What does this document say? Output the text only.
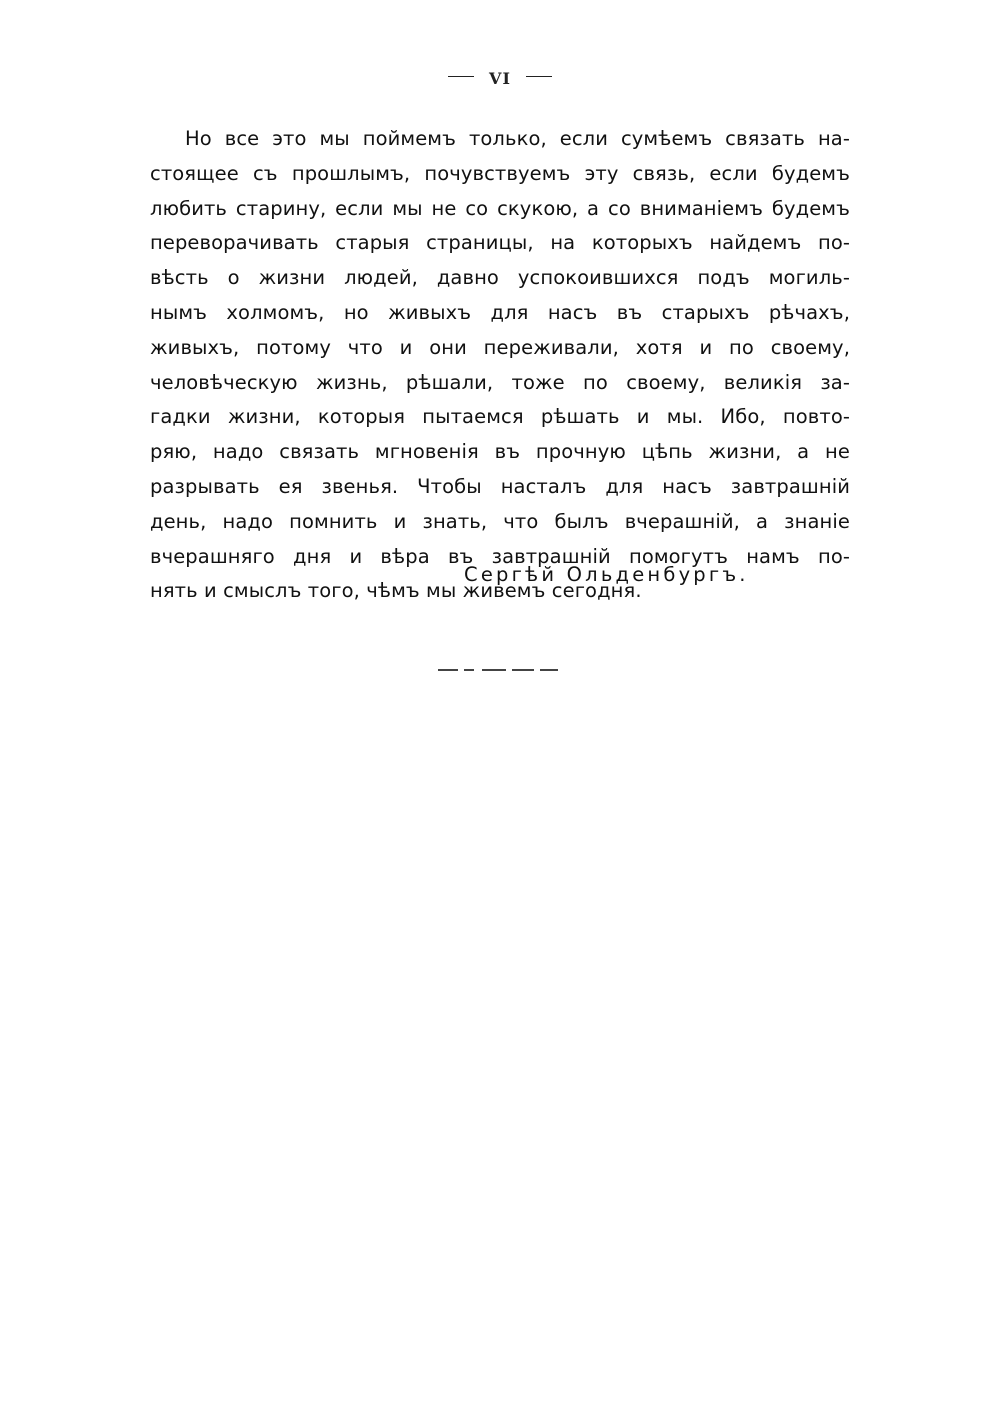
VI
Но все это мы поймемъ только, если сумѣемъ связать на-
стоящее съ прошлымъ, почувствуемъ эту связь, если будемъ
любить старину, если мы не со скукою, а со вниманіемъ будемъ
переворачивать старыя страницы, на которыхъ найдемъ по-
вѣсть о жизни людей, давно успокоившихся подъ могиль-
нымъ холмомъ, но живыхъ для насъ въ старыхъ рѣчахъ,
живыхъ, потому что и они переживали, хотя и по своему,
человѣческую жизнь, рѣшали, тоже по своему, великія за-
гадки жизни, которыя пытаемся рѣшать и мы. Ибо, повто-
ряю, надо связать мгновенія въ прочную цѣпь жизни, а не
разрывать ея звенья. Чтобы насталъ для насъ завтрашній
день, надо помнить и знать, что былъ вчерашній, а знаніе
вчерашняго дня и вѣра въ завтрашній помогутъ намъ по-
нять и смыслъ того, чѣмъ мы живемъ сегодня.
Сергѣй Ольденбургъ.
